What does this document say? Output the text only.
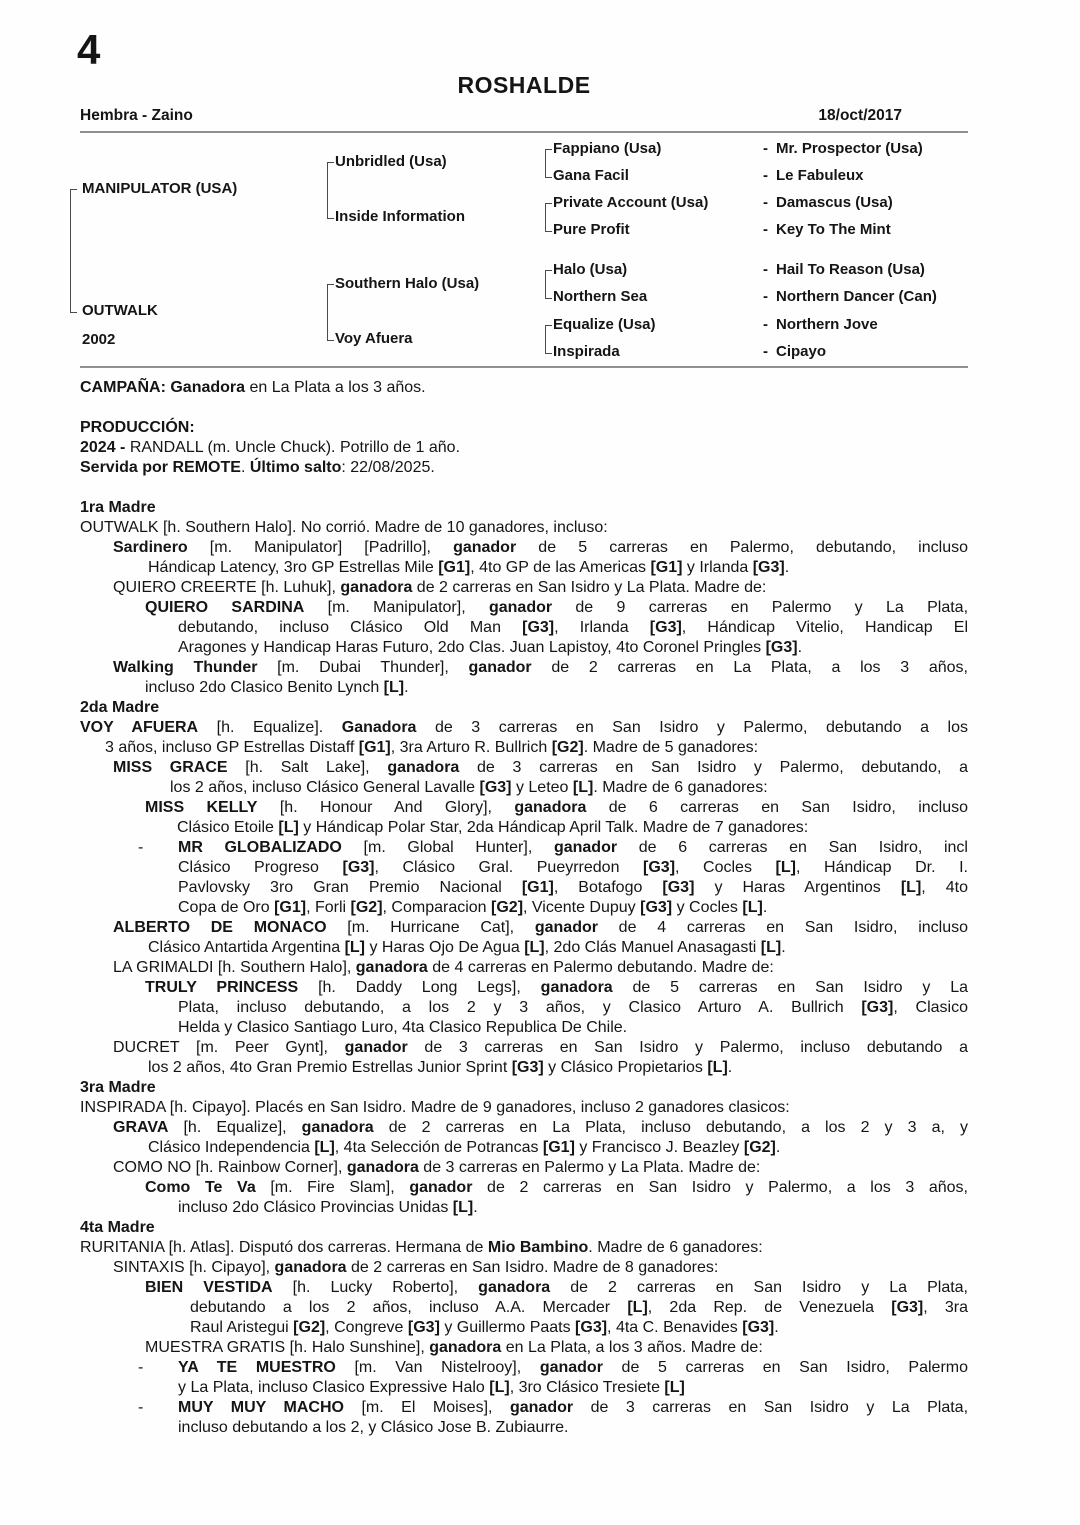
4
ROSHALDE
Hembra - Zaino	18/oct/2017
MANIPULATOR (USA)
OUTWALK
2002
Unbridled (Usa)
Inside Information
Southern Halo (Usa)
Voy Afuera
Fappiano (Usa)
Gana Facil
Private Account (Usa)
Pure Profit
Halo (Usa)
Northern Sea
Equalize (Usa)
Inspirada
- Mr. Prospector (Usa)
- Le Fabuleux
- Damascus (Usa)
- Key To The Mint
- Hail To Reason (Usa)
- Northern Dancer (Can)
- Northern Jove
- Cipayo
CAMPAÑA: Ganadora en La Plata a los 3 años.
PRODUCCIÓN:
2024 - RANDALL (m. Uncle Chuck). Potrillo de 1 año.
Servida por REMOTE. Último salto: 22/08/2025.
1ra Madre
OUTWALK [h. Southern Halo]. No corrió. Madre de 10 ganadores, incluso:
Sardinero [m. Manipulator] [Padrillo], ganador de 5 carreras en Palermo, debutando, incluso
Hándicap Latency, 3ro GP Estrellas Mile [G1], 4to GP de las Americas [G1] y Irlanda [G3].
QUIERO CREERTE [h. Luhuk], ganadora de 2 carreras en San Isidro y La Plata. Madre de:
QUIERO SARDINA [m. Manipulator], ganador de 9 carreras en Palermo y La Plata,
debutando, incluso Clásico Old Man [G3], Irlanda [G3], Hándicap Vitelio, Handicap El
Aragones y Handicap Haras Futuro, 2do Clas. Juan Lapistoy, 4to Coronel Pringles [G3].
Walking Thunder [m. Dubai Thunder], ganador de 2 carreras en La Plata, a los 3 años,
incluso 2do Clasico Benito Lynch [L].
2da Madre
VOY AFUERA [h. Equalize]. Ganadora de 3 carreras en San Isidro y Palermo, debutando a los
3 años, incluso GP Estrellas Distaff [G1], 3ra Arturo R. Bullrich [G2]. Madre de 5 ganadores:
MISS GRACE [h. Salt Lake], ganadora de 3 carreras en San Isidro y Palermo, debutando, a
los 2 años, incluso Clásico General Lavalle [G3] y Leteo [L]. Madre de 6 ganadores:
MISS KELLY [h. Honour And Glory], ganadora de 6 carreras en San Isidro, incluso
Clásico Etoile [L] y Hándicap Polar Star, 2da Hándicap April Talk. Madre de 7 ganadores:
- MR GLOBALIZADO [m. Global Hunter], ganador de 6 carreras en San Isidro, incl
Clásico Progreso [G3], Clásico Gral. Pueyrredon [G3], Cocles [L], Hándicap Dr. I.
Pavlovsky 3ro Gran Premio Nacional [G1], Botafogo [G3] y Haras Argentinos [L], 4to
Copa de Oro [G1], Forli [G2], Comparacion [G2], Vicente Dupuy [G3] y Cocles [L].
ALBERTO DE MONACO [m. Hurricane Cat], ganador de 4 carreras en San Isidro, incluso
Clásico Antartida Argentina [L] y Haras Ojo De Agua [L], 2do Clás Manuel Anasagasti [L].
LA GRIMALDI [h. Southern Halo], ganadora de 4 carreras en Palermo debutando. Madre de:
TRULY PRINCESS [h. Daddy Long Legs], ganadora de 5 carreras en San Isidro y La
Plata, incluso debutando, a los 2 y 3 años, y Clasico Arturo A. Bullrich [G3], Clasico
Helda y Clasico Santiago Luro, 4ta Clasico Republica De Chile.
DUCRET [m. Peer Gynt], ganador de 3 carreras en San Isidro y Palermo, incluso debutando a
los 2 años, 4to Gran Premio Estrellas Junior Sprint [G3] y Clásico Propietarios [L].
3ra Madre
INSPIRADA [h. Cipayo]. Placés en San Isidro. Madre de 9 ganadores, incluso 2 ganadores clasicos:
GRAVA [h. Equalize], ganadora de 2 carreras en La Plata, incluso debutando, a los 2 y 3 a, y
Clásico Independencia [L], 4ta Selección de Potrancas [G1] y Francisco J. Beazley [G2].
COMO NO [h. Rainbow Corner], ganadora de 3 carreras en Palermo y La Plata. Madre de:
Como Te Va [m. Fire Slam], ganador de 2 carreras en San Isidro y Palermo, a los 3 años,
incluso 2do Clásico Provincias Unidas [L].
4ta Madre
RURITANIA [h. Atlas]. Disputó dos carreras. Hermana de Mio Bambino. Madre de 6 ganadores:
SINTAXIS [h. Cipayo], ganadora de 2 carreras en San Isidro. Madre de 8 ganadores:
BIEN VESTIDA [h. Lucky Roberto], ganadora de 2 carreras en San Isidro y La Plata,
debutando a los 2 años, incluso A.A. Mercader [L], 2da Rep. de Venezuela [G3], 3ra
Raul Aristegui [G2], Congreve [G3] y Guillermo Paats [G3], 4ta C. Benavides [G3].
MUESTRA GRATIS [h. Halo Sunshine], ganadora en La Plata, a los 3 años. Madre de:
- YA TE MUESTRO [m. Van Nistelrooy], ganador de 5 carreras en San Isidro, Palermo
y La Plata, incluso Clasico Expressive Halo [L], 3ro Clásico Tresiete [L]
- MUY MUY MACHO [m. El Moises], ganador de 3 carreras en San Isidro y La Plata,
incluso debutando a los 2, y Clásico Jose B. Zubiaurre.
